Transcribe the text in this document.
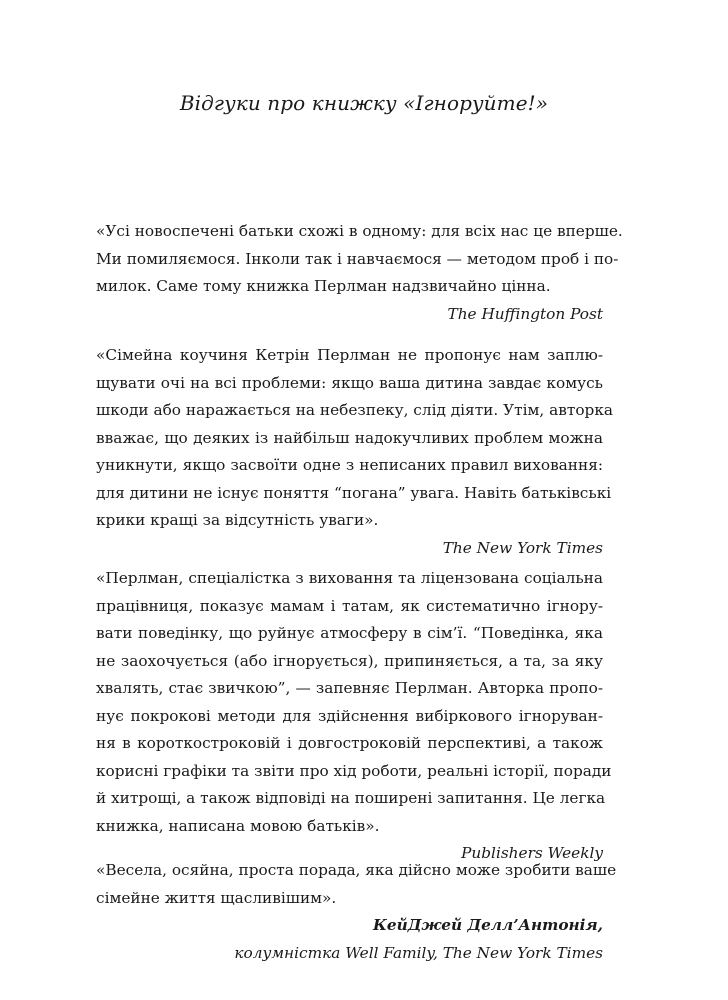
Відгуки про книжку «Ігноруйте!»

«Усі новоспечені батьки схожі в одному: для всіх нас це вперше.
Ми помиляємося. Інколи так і навчаємося — методом проб і по-
милок. Саме тому книжка Перлман надзвичайно цінна.

The Huffington Post

«Сімейна коучиня Кетрін Перлман не пропонує нам заплю-
щувати очі на всі проблеми: якщо ваша дитина завдає комусь
шкоди або наражається на небезпеку, слід діяти. Утім, авторка
вважає, що деяких із найбільш надокучливих проблем можна
уникнути, якщо засвоїти одне з неписаних правил виховання:
для дитини не існує поняття “погана” увага. Навіть батьківські
крики кращі за відсутність уваги».

The New York Times

«Перлман, спеціалістка з виховання та ліцензована соціальна
працівниця, показує мамам і татам, як систематично ігнору-
вати поведінку, що руйнує атмосферу в сім’ї. “Поведінка, яка
не заохочується (або ігнорується), припиняється, а та, за яку
хвалять, стає звичкою”, — запевняє Перлман. Авторка пропо-
нує покрокові методи для здійснення вибіркового ігноруван-
ня в короткостроковій і довгостроковій перспективі, а також
корисні графіки та звіти про хід роботи, реальні історії, поради
й хитрощі, а також відповіді на поширені запитання. Це легка
книжка, написана мовою батьків».

Publishers Weekly

«Весела, осяйна, проста порада, яка дійсно може зробити ваше
сімейне життя щасливішим».

КейДжей Делл’Антонія,

колумністка Well Family, The New York Times
